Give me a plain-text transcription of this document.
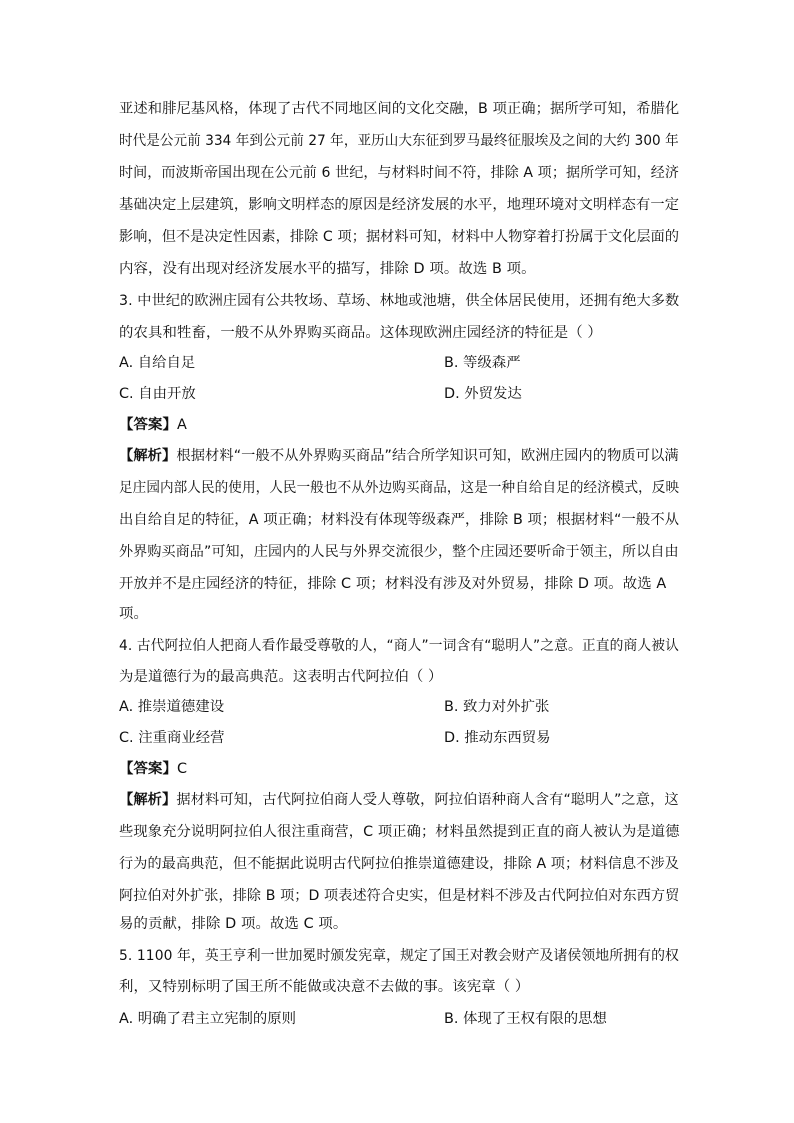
亚述和腓尼基风格，体现了古代不同地区间的文化交融，B 项正确；据所学可知，希腊化
时代是公元前 334 年到公元前 27 年，亚历山大东征到罗马最终征服埃及之间的大约 300 年
时间，而波斯帝国出现在公元前 6 世纪，与材料时间不符，排除 A 项；据所学可知，经济
基础决定上层建筑，影响文明样态的原因是经济发展的水平，地理环境对文明样态有一定
影响，但不是决定性因素，排除 C 项；据材料可知，材料中人物穿着打扮属于文化层面的
内容，没有出现对经济发展水平的描写，排除 D 项。故选 B 项。
3. 中世纪的欧洲庄园有公共牧场、草场、林地或池塘，供全体居民使用，还拥有绝大多数
的农具和牲畜，一般不从外界购买商品。这体现欧洲庄园经济的特征是（ ）
A. 自给自足	B. 等级森严
C. 自由开放	D. 外贸发达
【答案】A
【解析】根据材料“一般不从外界购买商品”结合所学知识可知，欧洲庄园内的物质可以满
足庄园内部人民的使用，人民一般也不从外边购买商品，这是一种自给自足的经济模式，反映
出自给自足的特征，A 项正确；材料没有体现等级森严，排除 B 项；根据材料“一般不从
外界购买商品”可知，庄园内的人民与外界交流很少，整个庄园还要听命于领主，所以自由
开放并不是庄园经济的特征，排除 C 项；材料没有涉及对外贸易，排除 D 项。故选 A
项。
4. 古代阿拉伯人把商人看作最受尊敬的人，“商人”一词含有“聪明人”之意。正直的商人被认
为是道德行为的最高典范。这表明古代阿拉伯（ ）
A. 推崇道德建设	B. 致力对外扩张
C. 注重商业经营	D. 推动东西贸易
【答案】C
【解析】据材料可知，古代阿拉伯商人受人尊敬，阿拉伯语种商人含有“聪明人”之意，这
些现象充分说明阿拉伯人很注重商营，C 项正确；材料虽然提到正直的商人被认为是道德
行为的最高典范，但不能据此说明古代阿拉伯推崇道德建设，排除 A 项；材料信息不涉及
阿拉伯对外扩张，排除 B 项；D 项表述符合史实，但是材料不涉及古代阿拉伯对东西方贸
易的贡献，排除 D 项。故选 C 项。
5. 1100 年，英王亨利一世加冕时颁发宪章，规定了国王对教会财产及诸侯领地所拥有的权
利，又特别标明了国王所不能做或决意不去做的事。该宪章（ ）
A. 明确了君主立宪制的原则	B. 体现了王权有限的思想
